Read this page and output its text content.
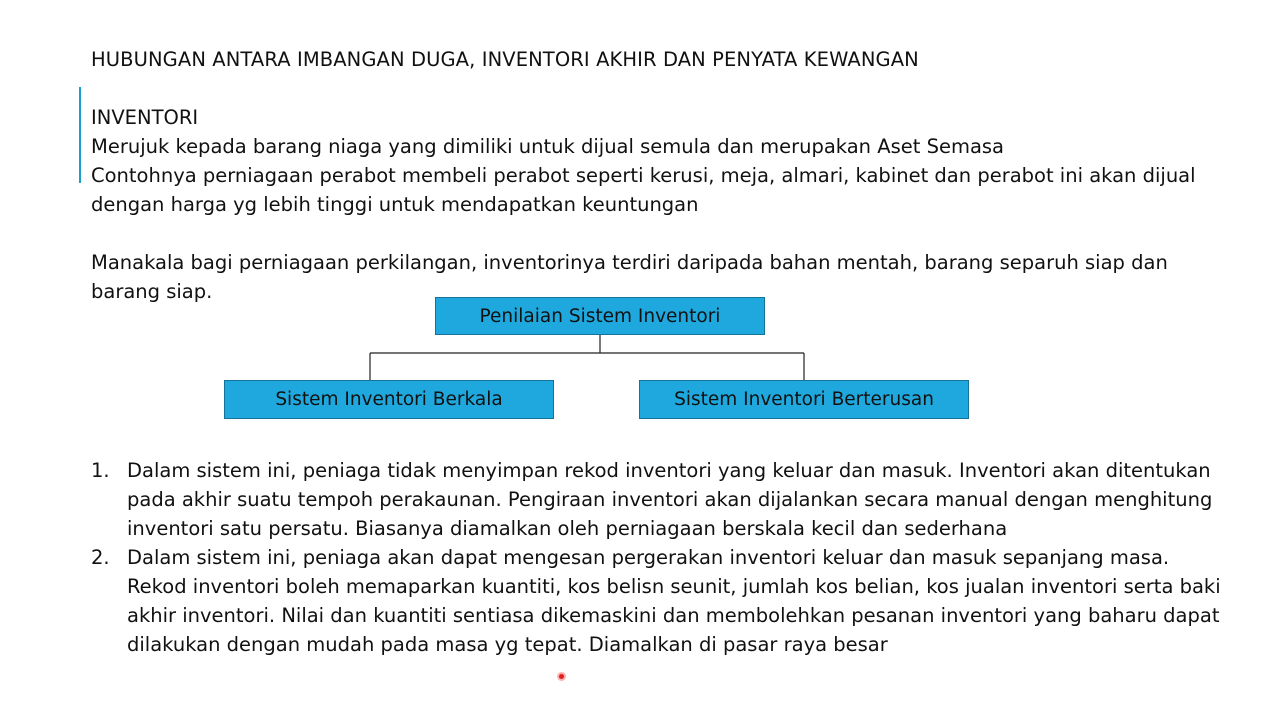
HUBUNGAN ANTARA IMBANGAN DUGA, INVENTORI AKHIR DAN PENYATA KEWANGAN
INVENTORI
Merujuk kepada barang niaga yang dimiliki untuk dijual semula dan merupakan Aset Semasa
Contohnya perniagaan perabot membeli perabot seperti kerusi, meja, almari, kabinet dan perabot ini akan dijual
dengan harga yg lebih tinggi untuk mendapatkan keuntungan
Manakala bagi perniagaan perkilangan, inventorinya terdiri daripada bahan mentah, barang separuh siap dan
barang siap.
Penilaian Sistem Inventori
Sistem Inventori Berkala	Sistem Inventori Berterusan
1. Dalam sistem ini, peniaga tidak menyimpan rekod inventori yang keluar dan masuk. Inventori akan ditentukan
pada akhir suatu tempoh perakaunan. Pengiraan inventori akan dijalankan secara manual dengan menghitung
inventori satu persatu. Biasanya diamalkan oleh perniagaan berskala kecil dan sederhana
2. Dalam sistem ini, peniaga akan dapat mengesan pergerakan inventori keluar dan masuk sepanjang masa.
Rekod inventori boleh memaparkan kuantiti, kos belisn seunit, jumlah kos belian, kos jualan inventori serta baki
akhir inventori. Nilai dan kuantiti sentiasa dikemaskini dan membolehkan pesanan inventori yang baharu dapat
dilakukan dengan mudah pada masa yg tepat. Diamalkan di pasar raya besar
